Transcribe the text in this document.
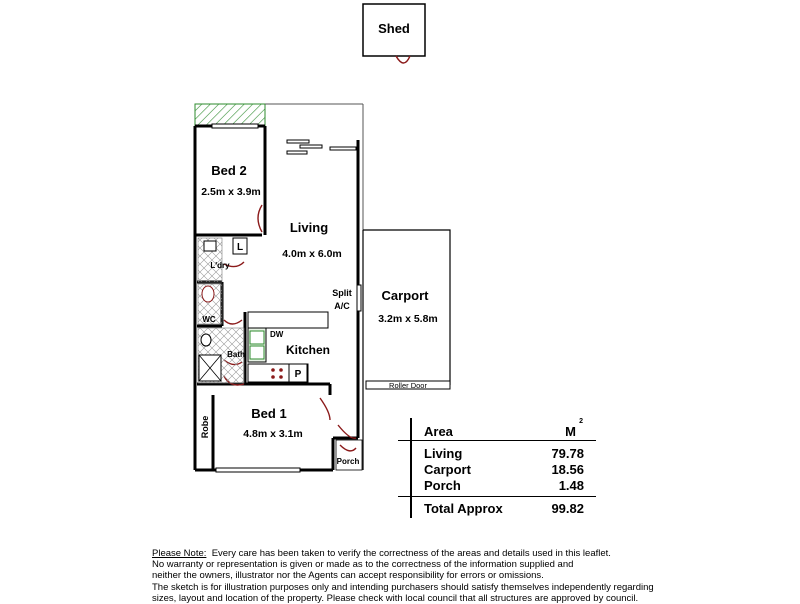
Shed
L
Roller Door
Bed 2
2.5m x 3.9m
Living
4.0m x 6.0m
L'dry
WC
Bath
DW
Kitchen
P
Split
A/C
Carport
3.2m x 5.8m
Bed 1
4.8m x 3.1m
Robe
Porch
Area	M
2
Living	79.78
Carport	18.56
Porch	1.48
Total Approx	99.82

Please Note: Every care has been taken to verify the correctness of the areas and details used in this leaflet.

No warranty or representation is given or made as to the correctness of the information supplied and

neither the owners, illustrator nor the Agents can accept responsibility for errors or omissions.

The sketch is for illustration purposes only and intending purchasers should satisfy themselves independently regarding

sizes, layout and location of the property. Please check with local council that all structures are approved by council.
